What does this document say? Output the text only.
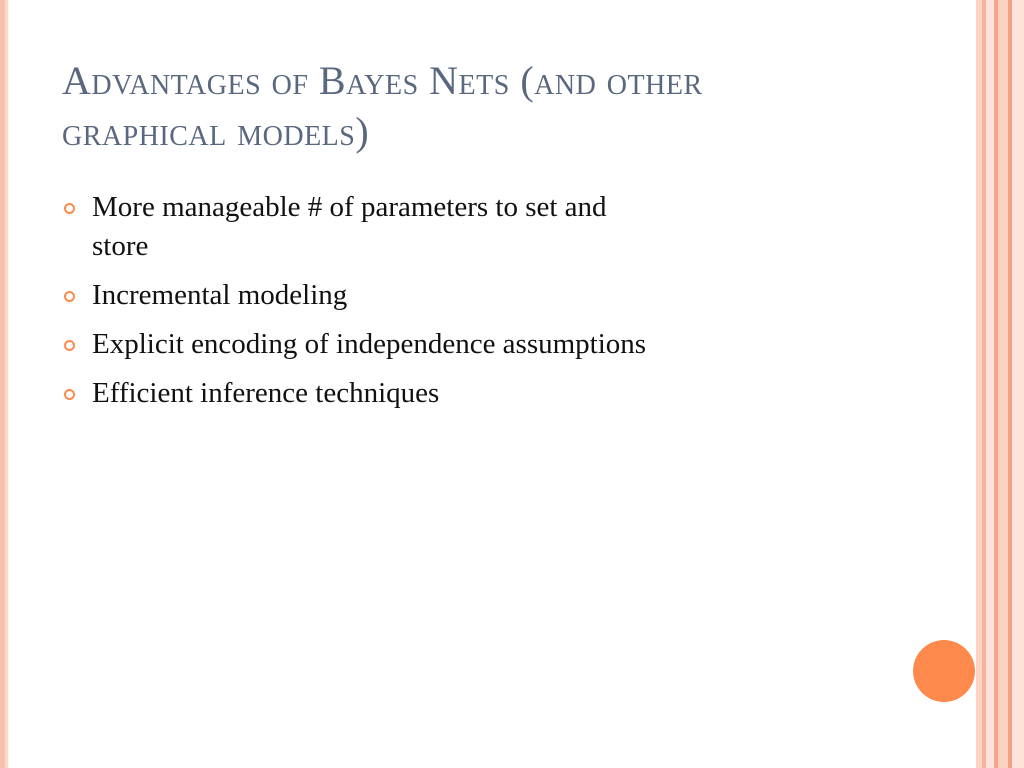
Advantages of Bayes Nets (and other
graphical models)
More manageable # of parameters to set and
store
Incremental modeling
Explicit encoding of independence assumptions
Efficient inference techniques
